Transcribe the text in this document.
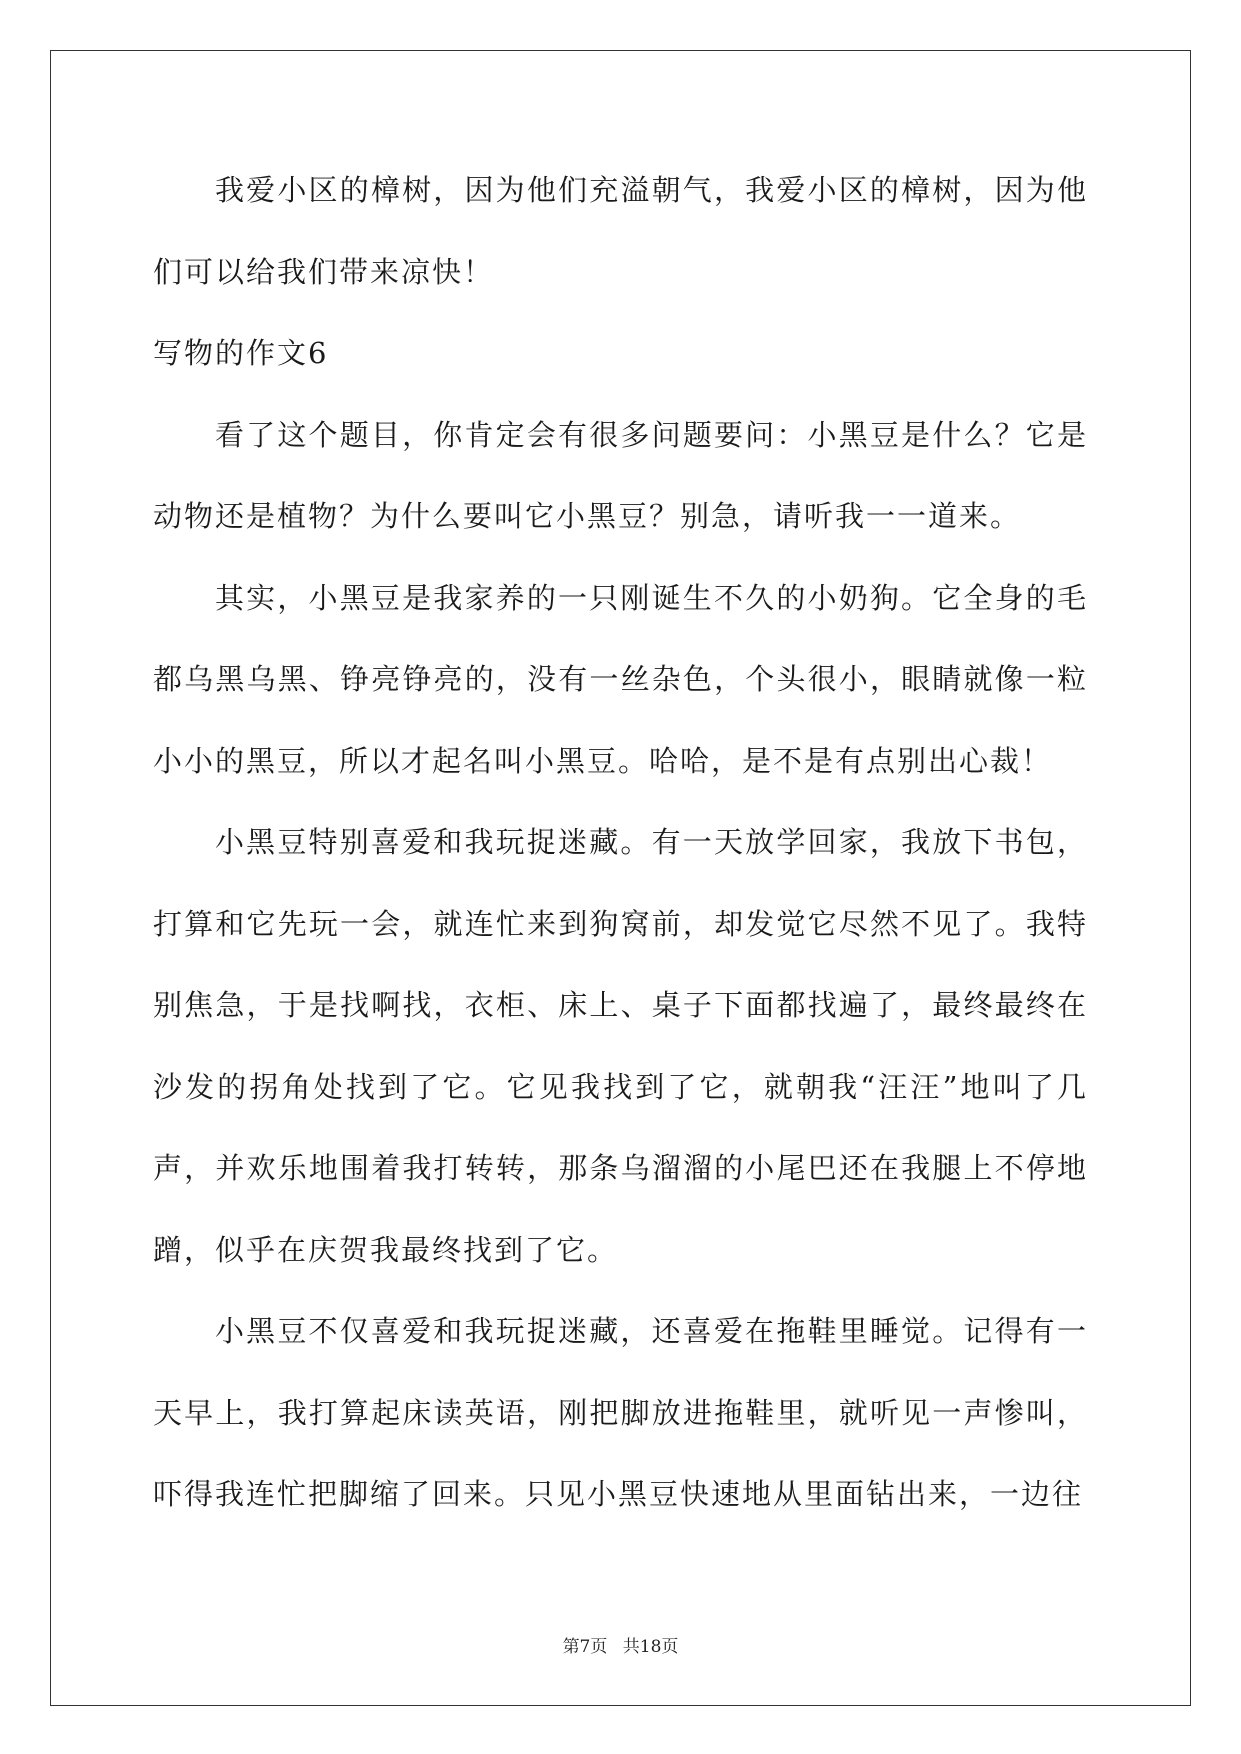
我爱小区的樟树，因为他们充溢朝气，我爱小区的樟树，因为他们可以给我们带来凉快！

写物的作文6

看了这个题目，你肯定会有很多问题要问：小黑豆是什么？它是动物还是植物？为什么要叫它小黑豆？别急，请听我一一道来。

其实，小黑豆是我家养的一只刚诞生不久的小奶狗。它全身的毛都乌黑乌黑、铮亮铮亮的，没有一丝杂色，个头很小，眼睛就像一粒小小的黑豆，所以才起名叫小黑豆。哈哈，是不是有点别出心裁！

小黑豆特别喜爱和我玩捉迷藏。有一天放学回家，我放下书包，打算和它先玩一会，就连忙来到狗窝前，却发觉它尽然不见了。我特别焦急，于是找啊找，衣柜、床上、桌子下面都找遍了，最终最终在沙发的拐角处找到了它。它见我找到了它，就朝我“汪汪”地叫了几声，并欢乐地围着我打转转，那条乌溜溜的小尾巴还在我腿上不停地蹭，似乎在庆贺我最终找到了它。

小黑豆不仅喜爱和我玩捉迷藏，还喜爱在拖鞋里睡觉。记得有一天早上，我打算起床读英语，刚把脚放进拖鞋里，就听见一声惨叫，吓得我连忙把脚缩了回来。只见小黑豆快速地从里面钻出来，一边往

第7页 共18页
